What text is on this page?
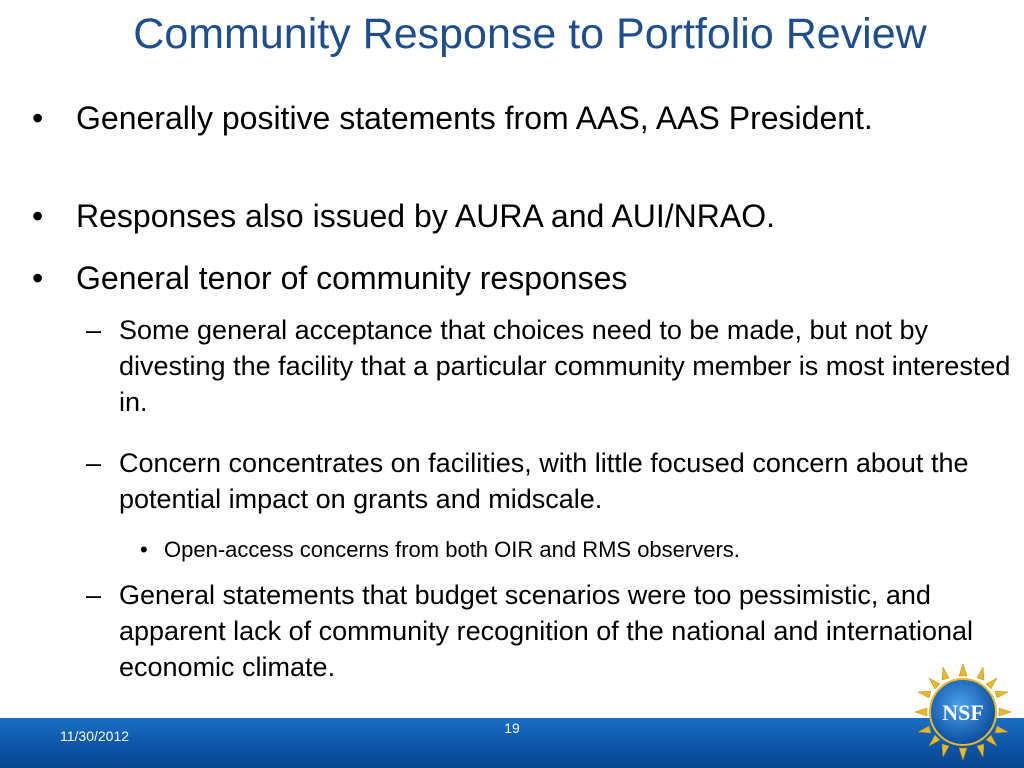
Community Response to Portfolio Review
• Generally positive statements from AAS, AAS President.
• Responses also issued by AURA and AUI/NRAO.
• General tenor of community responses
– Some general acceptance that choices need to be made, but not by divesting the facility that a particular community member is most interested in.
– Concern concentrates on facilities, with little focused concern about the potential impact on grants and midscale.
• Open-access concerns from both OIR and RMS observers.
– General statements that budget scenarios were too pessimistic, and apparent lack of community recognition of the national and international economic climate.
11/30/2012	19
NSF
